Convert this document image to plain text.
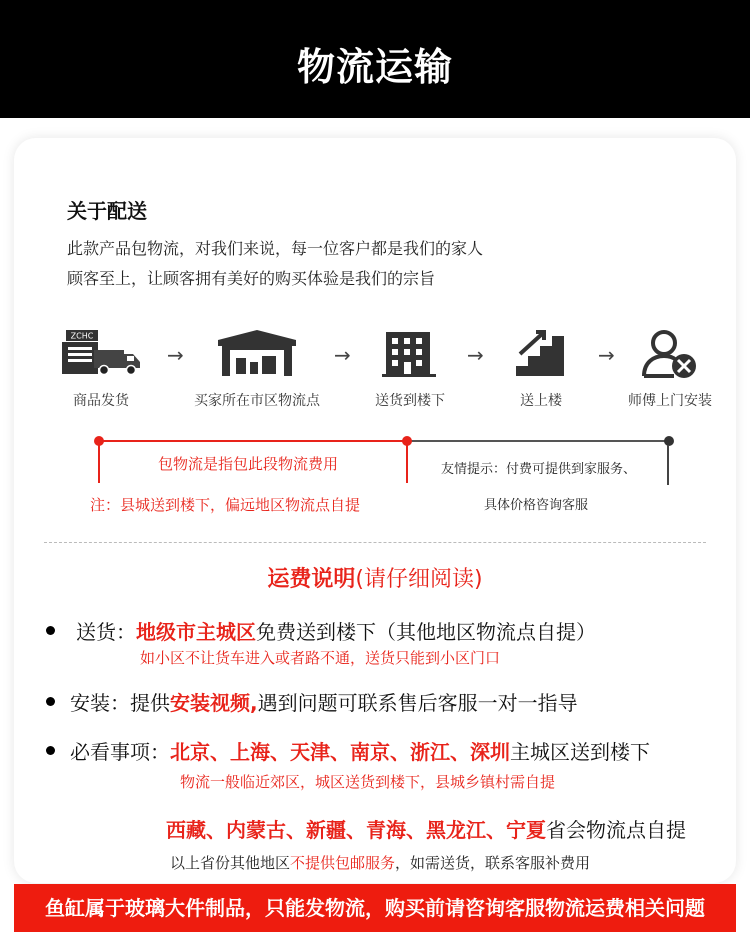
物流运输
关于配送
此款产品包物流，对我们来说，每一位客户都是我们的家人
顾客至上，让顾客拥有美好的购买体验是我们的宗旨
ZCHC
商品发货
→
买家所在市区物流点
→
送货到楼下
→
送上楼
→
师傅上门安装
包物流是指包此段物流费用
注：县城送到楼下，偏远地区物流点自提
友情提示：付费可提供到家服务、
具体价格咨询客服
运费说明(请仔细阅读)
送货：地级市主城区免费送到楼下（其他地区物流点自提）
如小区不让货车进入或者路不通，送货只能到小区门口
安装：提供安装视频,遇到问题可联系售后客服一对一指导
必看事项：北京、上海、天津、南京、浙江、深圳主城区送到楼下
物流一般临近郊区，城区送货到楼下，县城乡镇村需自提
西藏、内蒙古、新疆、青海、黑龙江、宁夏省会物流点自提
以上省份其他地区不提供包邮服务，如需送货，联系客服补费用
鱼缸属于玻璃大件制品，只能发物流，购买前请咨询客服物流运费相关问题
